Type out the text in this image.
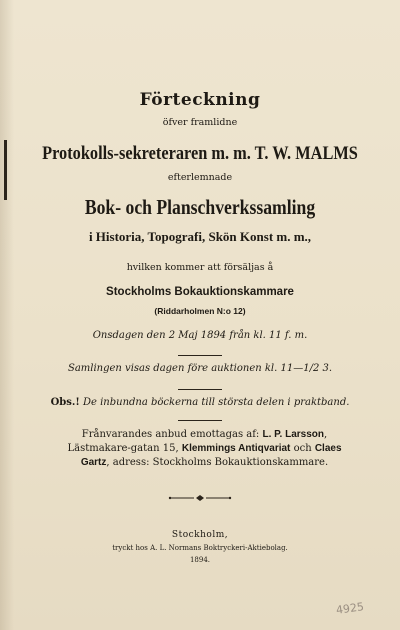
Förteckning
öfver framlidne
Protokolls-sekreteraren m. m. T. W. MALMS
efterlemnade
Bok- och Planschverkssamling
i Historia, Topografi, Skön Konst m. m.,
hvilken kommer att försäljas å
Stockholms Bokauktionskammare
(Riddarholmen N:o 12)
Onsdagen den 2 Maj 1894 från kl. 11 f. m.
Samlingen visas dagen före auktionen kl. 11—1/2 3.
Obs.! De inbundna böckerna till största delen i praktband.
Frånvarandes anbud emottagas af: L. P. Larsson, Lästmakare-gatan 15, Klemmings Antiqvariat och Claes Gartz, adress: Stockholms Bokauktionskammare.
Stockholm,
tryckt hos A. L. Normans Boktryckeri-Aktiebolag.
1894.
4925
